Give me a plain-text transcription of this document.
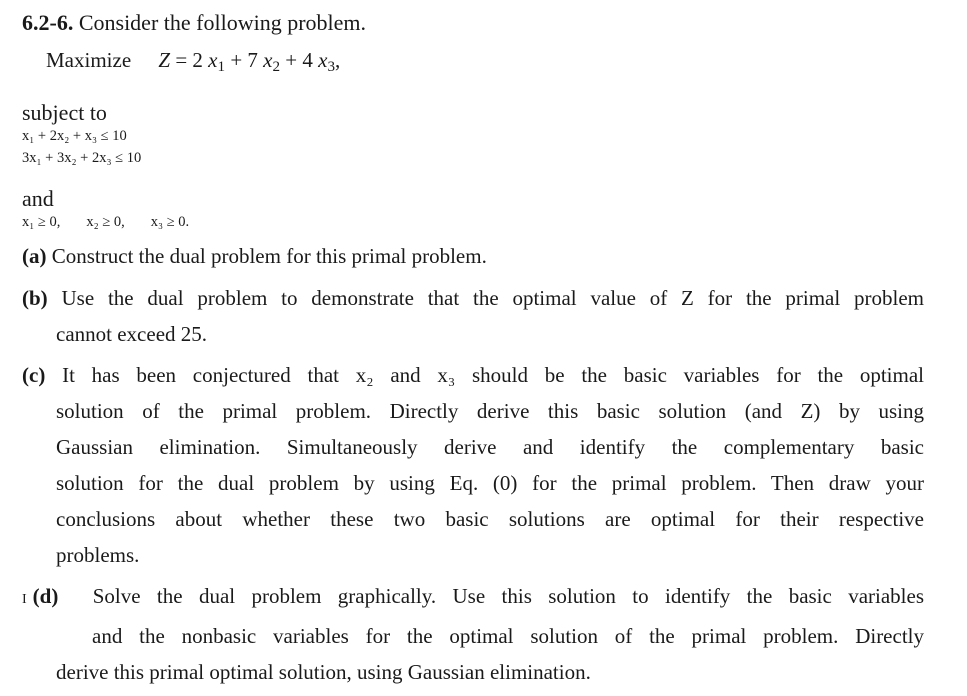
6.2-6. Consider the following problem.
Maximize Z = 2 $x_1 + 7$ $x_2 + 4$ $x_3$,
subject to
x₁ + 2x₂ + x₃ ≤ 10
3x₁ + 3x₂ + 2x₃ ≤ 10
and
x₁ ≥ 0, x₂ ≥ 0, x₃ ≥ 0.
(a) Construct the dual problem for this primal problem.
(b) Use the dual problem to demonstrate that the optimal value of Z for the primal problem
cannot exceed 25.
(c) It has been conjectured that x₂ and x₃ should be the basic variables for the optimal
solution of the primal problem. Directly derive this basic solution (and Z) by using
Gaussian elimination. Simultaneously derive and identify the complementary basic
solution for the dual problem by using Eq. (0) for the primal problem. Then draw your
conclusions about whether these two basic solutions are optimal for their respective
problems.
I (d) Solve the dual problem graphically. Use this solution to identify the basic variables
and the nonbasic variables for the optimal solution of the primal problem. Directly
derive this primal optimal solution, using Gaussian elimination.
